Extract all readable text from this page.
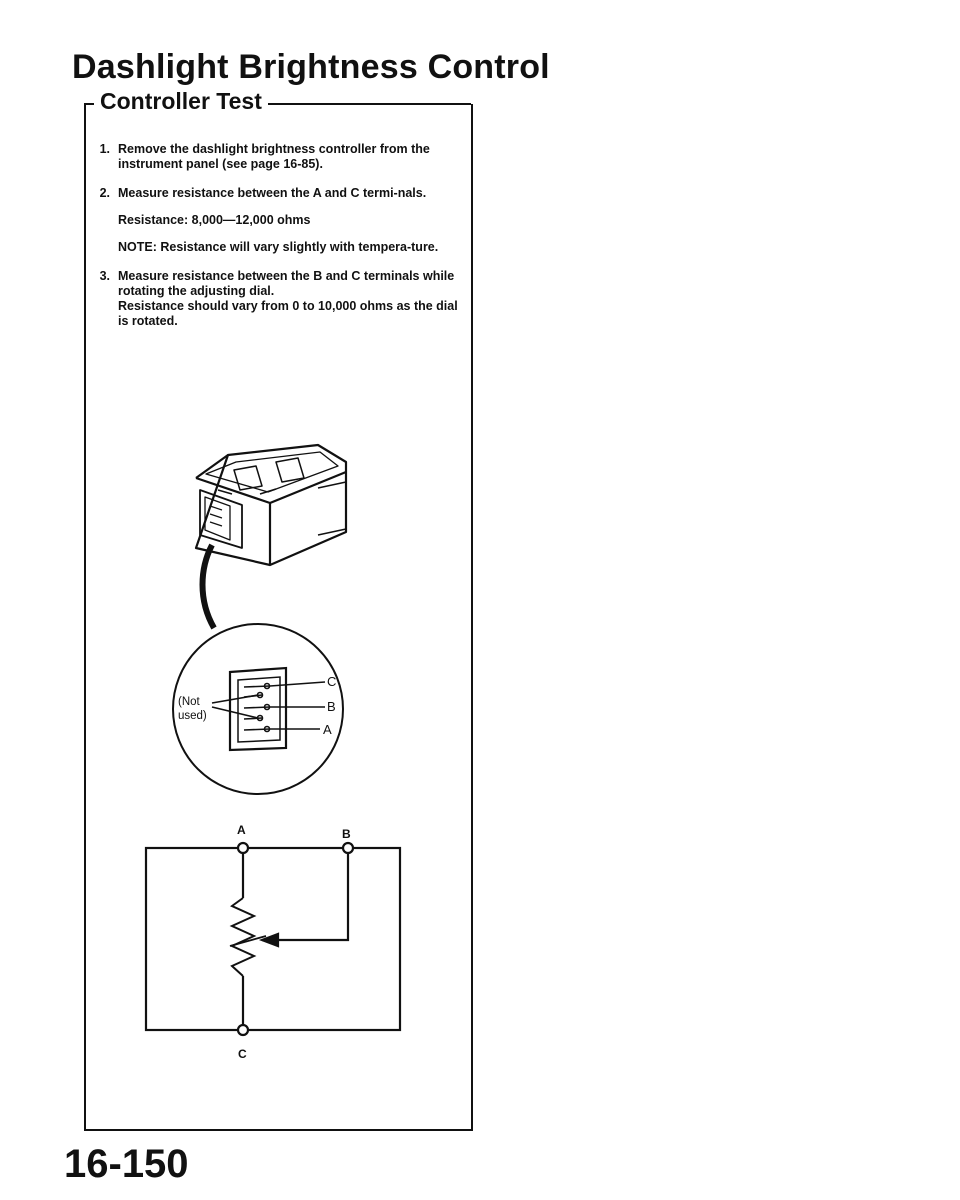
Dashlight Brightness Control
Controller Test
1. Remove the dashlight brightness controller from the instrument panel (see page 16-85).

2. Measure resistance between the A and C termi-nals.

Resistance: 8,000—12,000 ohms

NOTE: Resistance will vary slightly with tempera-ture.

3. Measure resistance between the B and C terminals while rotating the adjusting dial.

Resistance should vary from 0 to 10,000 ohms as the dial is rotated.

C
B
A
(Not
used)
A	B
C

16-150
